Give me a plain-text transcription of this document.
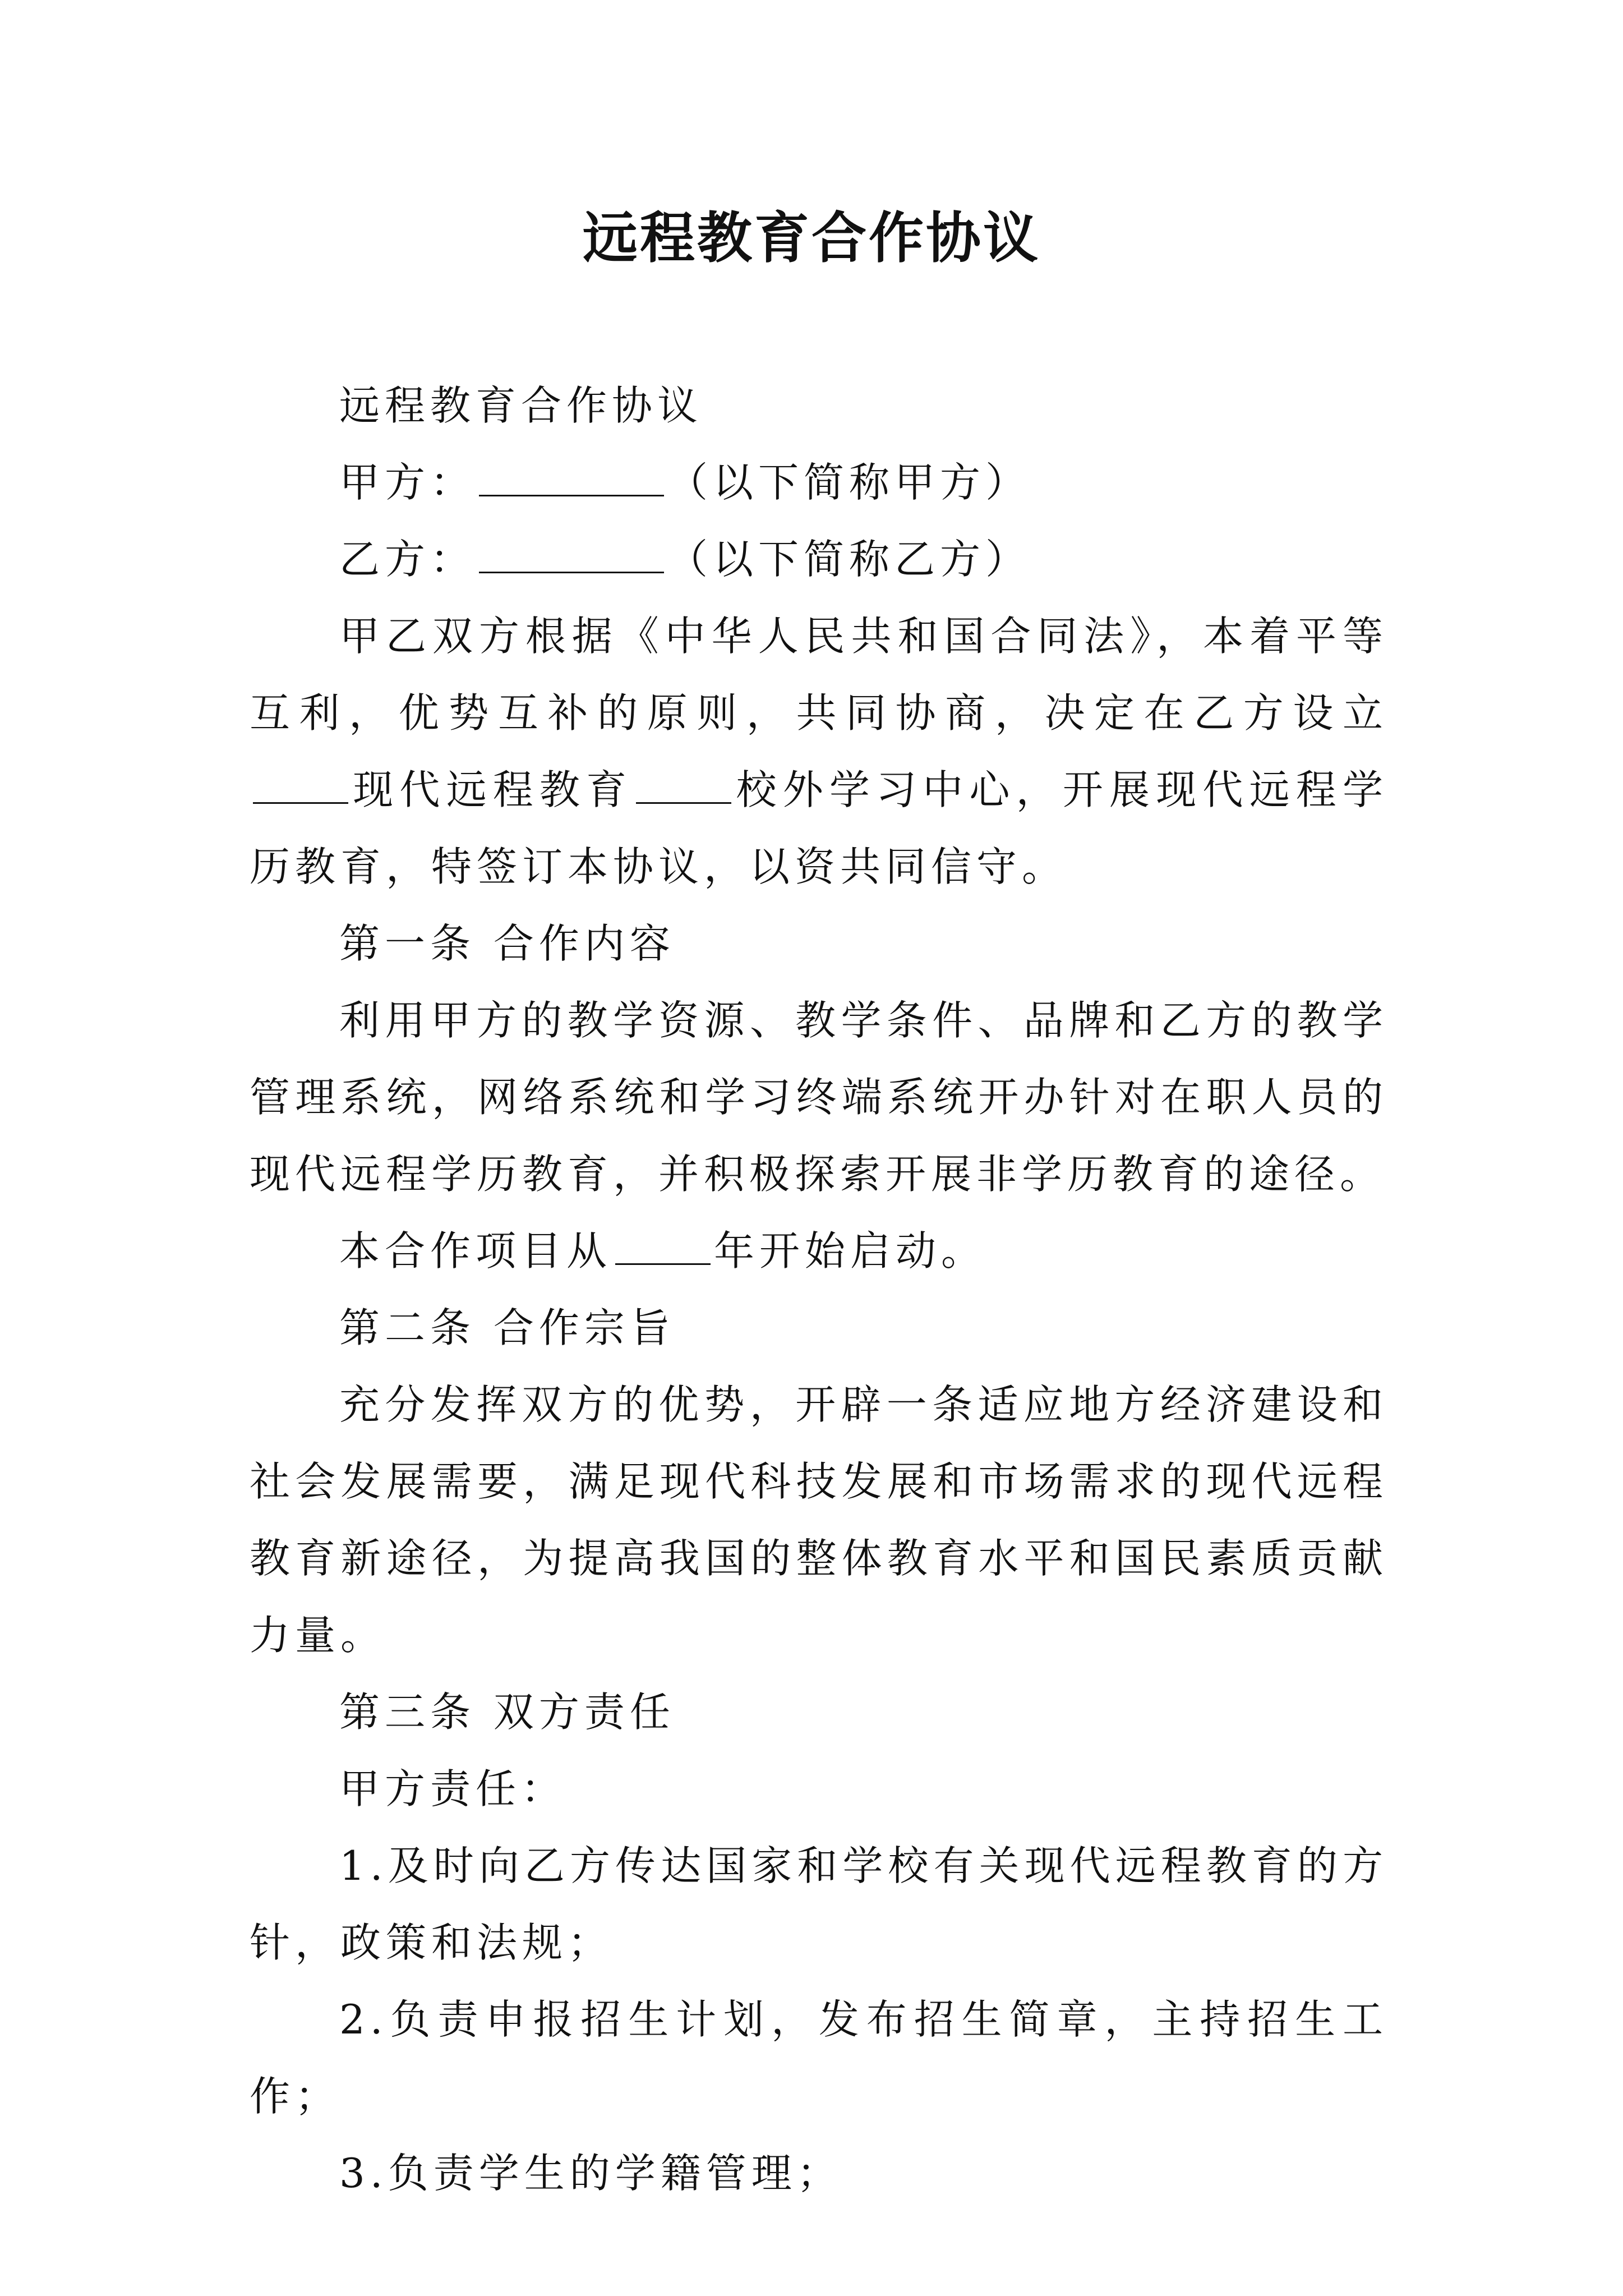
远程教育合作协议

远程教育合作协议

甲方：	（以下简称甲方）

乙方：	（以下简称乙方）

甲乙双方根据《中华人民共和国合同法》，本着平等互利，优势互补的原则，共同协商，决定在乙方设立现代远程教育	校外学习中心，开展现代远程学历教育，特签订本协议，以资共同信守。

第一条 合作内容

利用甲方的教学资源、教学条件、品牌和乙方的教学管理系统，网络系统和学习终端系统开办针对在职人员的现代远程学历教育，并积极探索开展非学历教育的途径。

本合作项目从	年开始启动。

第二条 合作宗旨

充分发挥双方的优势，开辟一条适应地方经济建设和社会发展需要，满足现代科技发展和市场需求的现代远程教育新途径，为提高我国的整体教育水平和国民素质贡献力量。

第三条 双方责任

甲方责任：

1.及时向乙方传达国家和学校有关现代远程教育的方针，政策和法规；

2.负责申报招生计划，发布招生简章，主持招生工作；

3.负责学生的学籍管理；
